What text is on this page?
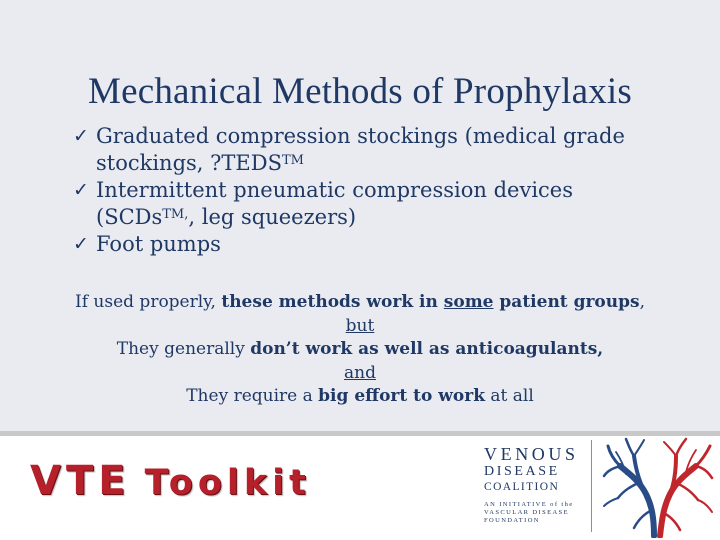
Mechanical Methods of Prophylaxis
✓ Graduated compression stockings (medical grade
stockings, ?TEDS™
✓ Intermittent pneumatic compression devices
(SCDs$^{TM,}$, leg squeezers)
✓ Foot pumps
If used properly, these methods work in some patient groups,
but
They generally don’t work as well as anticoagulants,
and
They require a big effort to work at all
VTE Toolkit
VENOUS
DISEASE
COALITION
AN INITIATIVE of the
VASCULAR DISEASE
FOUNDATION
